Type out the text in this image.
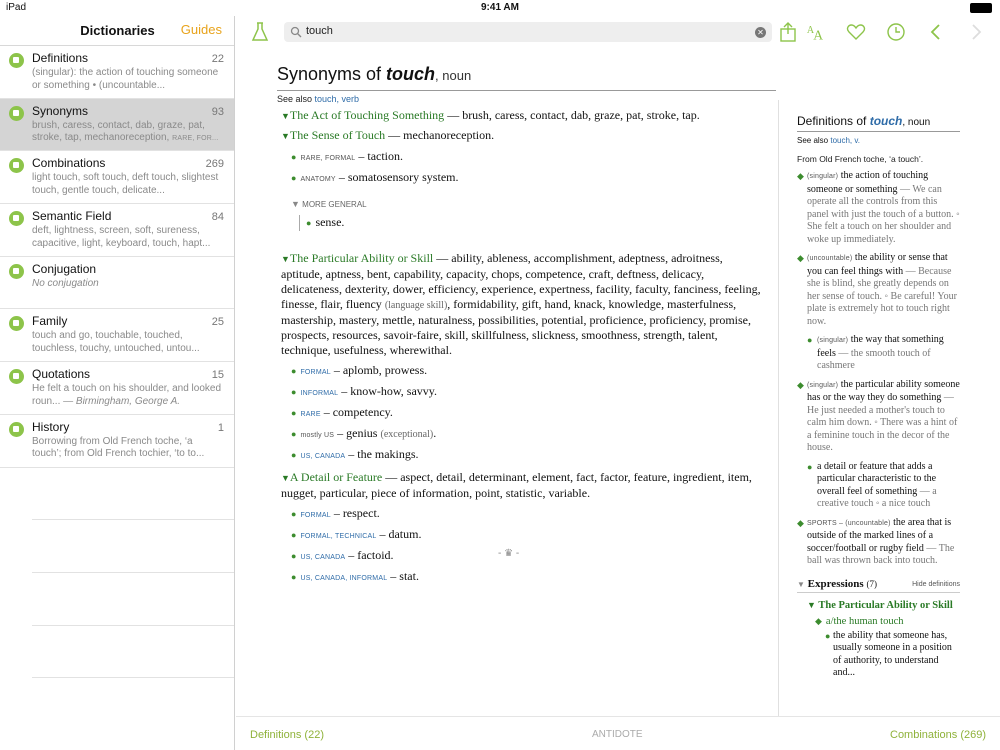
iPad	9:41 AM
Dictionaries	Guides
Definitions	22
(singular): the action of touching someone or something • (uncountable...
Synonyms	93
brush, caress, contact, dab, graze, pat, stroke, tap, mechanoreception, RARE, FOR...
Combinations	269
light touch, soft touch, deft touch, slightest touch, gentle touch, delicate...
Semantic Field	84
deft, lightness, screen, soft, sureness, capacitive, light, keyboard, touch, hapt...
Conjugation
No conjugation
Family	25
touch and go, touchable, touched, touchless, touchy, untouched, untou...
Quotations	15
He felt a touch on his shoulder, and looked roun... — Birmingham, George A.
History	1
Borrowing from Old French toche, ‘a touch’; from Old French tochier, ‘to to...
touch
✕	A A
Synonyms of touch, noun
See also touch, verb
▼The Act of Touching Something — brush, caress, contact, dab, graze, pat, stroke, tap.
▼The Sense of Touch — mechanoreception.
● RARE, FORMAL – taction.
● ANATOMY – somatosensory system.
▼ MORE GENERAL
● sense.
▼The Particular Ability or Skill — ability, ableness, accomplishment, adeptness, adroitness, aptitude, aptness, bent, capability, capacity, chops, competence, craft, deftness, delicacy, delicateness, dexterity, dower, efficiency, experience, expertness, facility, faculty, fanciness, feeling, finesse, flair, fluency (language skill), formidability, gift, hand, knack, knowledge, masterfulness, mastership, mastery, mettle, naturalness, possibilities, potential, proficience, proficiency, promise, prospects, resources, savoir-faire, skill, skillfulness, slickness, smoothness, strength, talent, technique, usefulness, wherewithal.
● FORMAL – aplomb, prowess.
● INFORMAL – know-how, savvy.
● RARE – competency.
● mostly US – genius (exceptional).
● US, CANADA – the makings.
▼A Detail or Feature — aspect, detail, determinant, element, fact, factor, feature, ingredient, item, nugget, particular, piece of information, point, statistic, variable.
● FORMAL – respect.
● FORMAL, TECHNICAL – datum.
● US, CANADA – factoid.
● US, CANADA, INFORMAL – stat.
- ♛ -
Definitions of touch, noun
See also touch, v.
From Old French toche, ‘a touch’.
◆ (singular) the action of touching someone or something — We can operate all the controls from this panel with just the touch of a button. ◦ She felt a touch on her shoulder and woke up immediately.
◆ (uncountable) the ability or sense that you can feel things with — Because she is blind, she greatly depends on her sense of touch. ◦ Be careful! Your plate is extremely hot to touch right now.
● (singular) the way that something feels — the smooth touch of cashmere
◆ (singular) the particular ability someone has or the way they do something — He just needed a mother's touch to calm him down. ◦ There was a hint of a feminine touch in the decor of the house.
● a detail or feature that adds a particular characteristic to the overall feel of something — a creative touch ◦ a nice touch
◆ SPORTS – (uncountable) the area that is outside of the marked lines of a soccer/football or rugby field — The ball was thrown back into touch.
▼ Expressions (7)	Hide definitions
▼ The Particular Ability or Skill
◆ a/the human touch
● the ability that someone has, usually someone in a position of authority, to understand and...
Definitions (22)	ANTIDOTE	Combinations (269)
